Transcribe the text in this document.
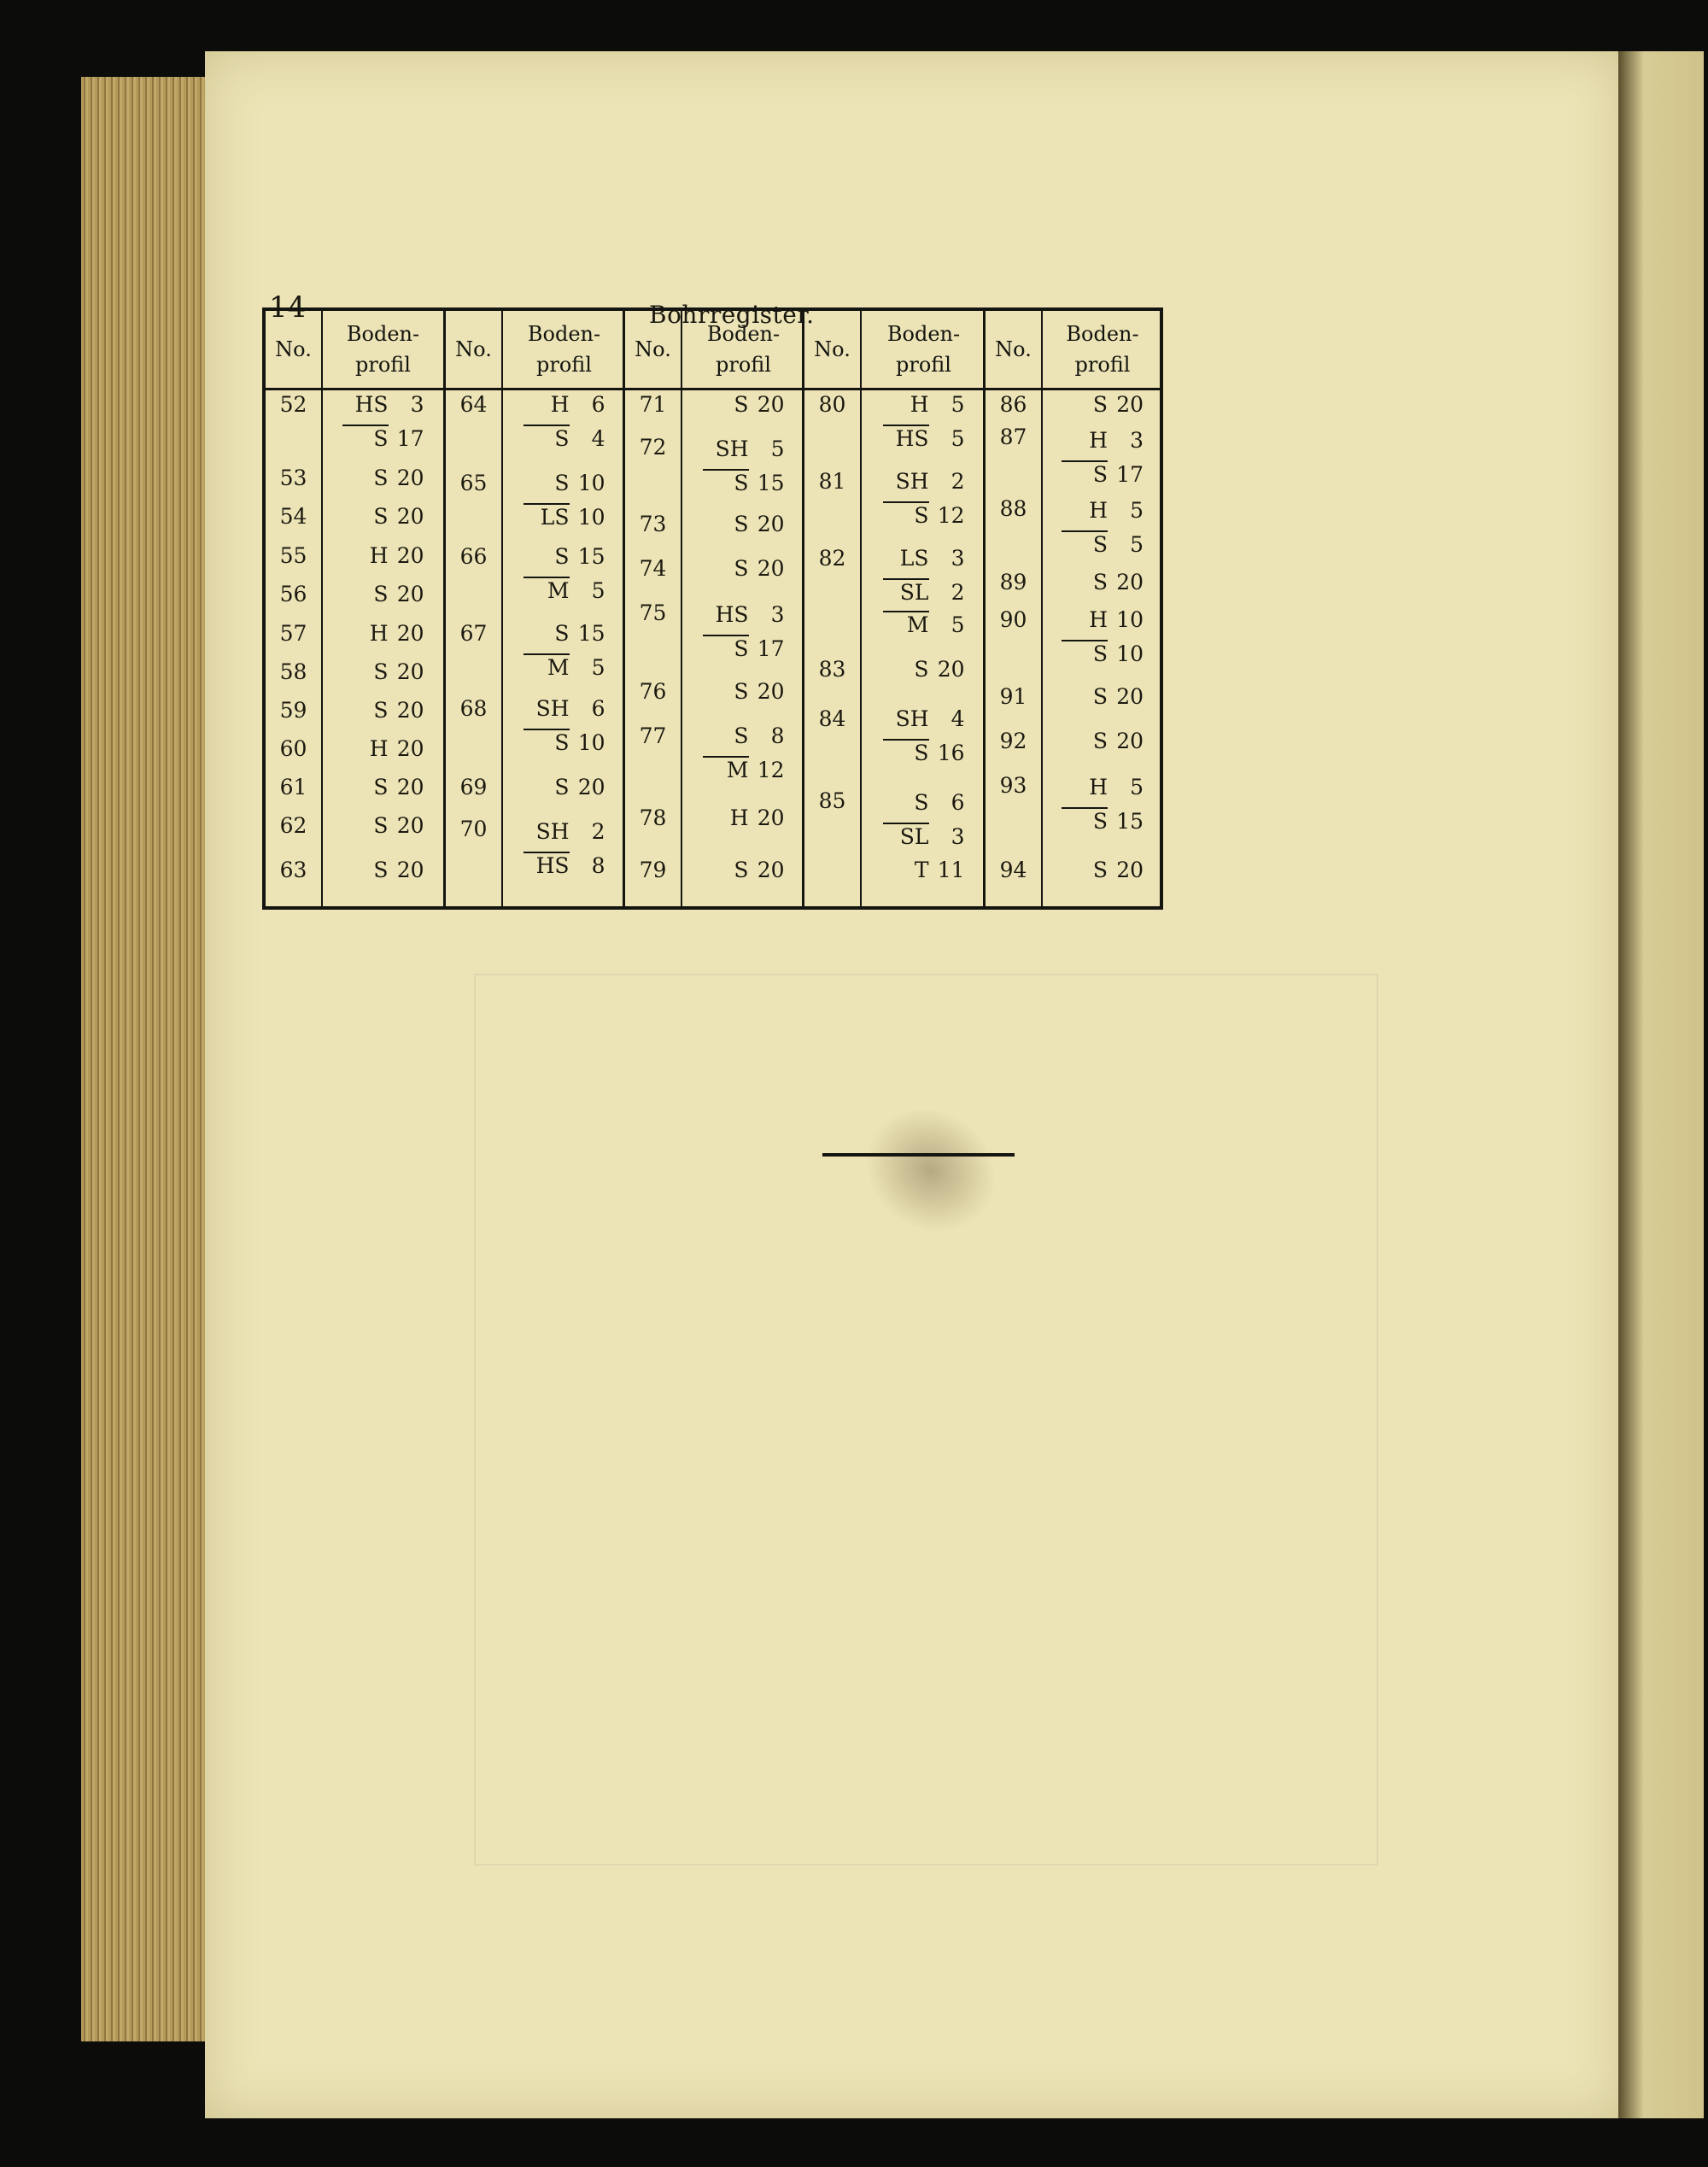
14	Bohrregister.
No.
52
53
54
55
56
57
58
59
60
61
62
63
Boden-
profil
HS 3
S 17
S 20
S 20
H 20
S 20
H 20
S 20
S 20
H 20
S 20
S 20
S 20
No.
64
65
66
67
68
69
70
Boden-
profil
H 6
S 4
S 10
LS 10
S 15
M 5
S 15
M 5
SH 6
S 10
S 20
SH 2
HS 8
No.
71
72
73
74
75
76
77
78
79
Boden-
profil
S 20
SH 5
S 15
S 20
S 20
HS 3
S 17
S 20
S 8
M 12
H 20
S 20
No.
80
81
82
83
84
85
Boden-
profil
H 5
HS 5
SH 2
S 12
LS 3
SL 2
M 5
S 20
SH 4
S 16
S 6
SL 3
T 11
No.
86
87
88
89
90
91
92
93
94
Boden-
profil
S 20
H 3
S 17
H 5
S 5
S 20
H 10
S 10
S 20
S 20
H 5
S 15
S 20
